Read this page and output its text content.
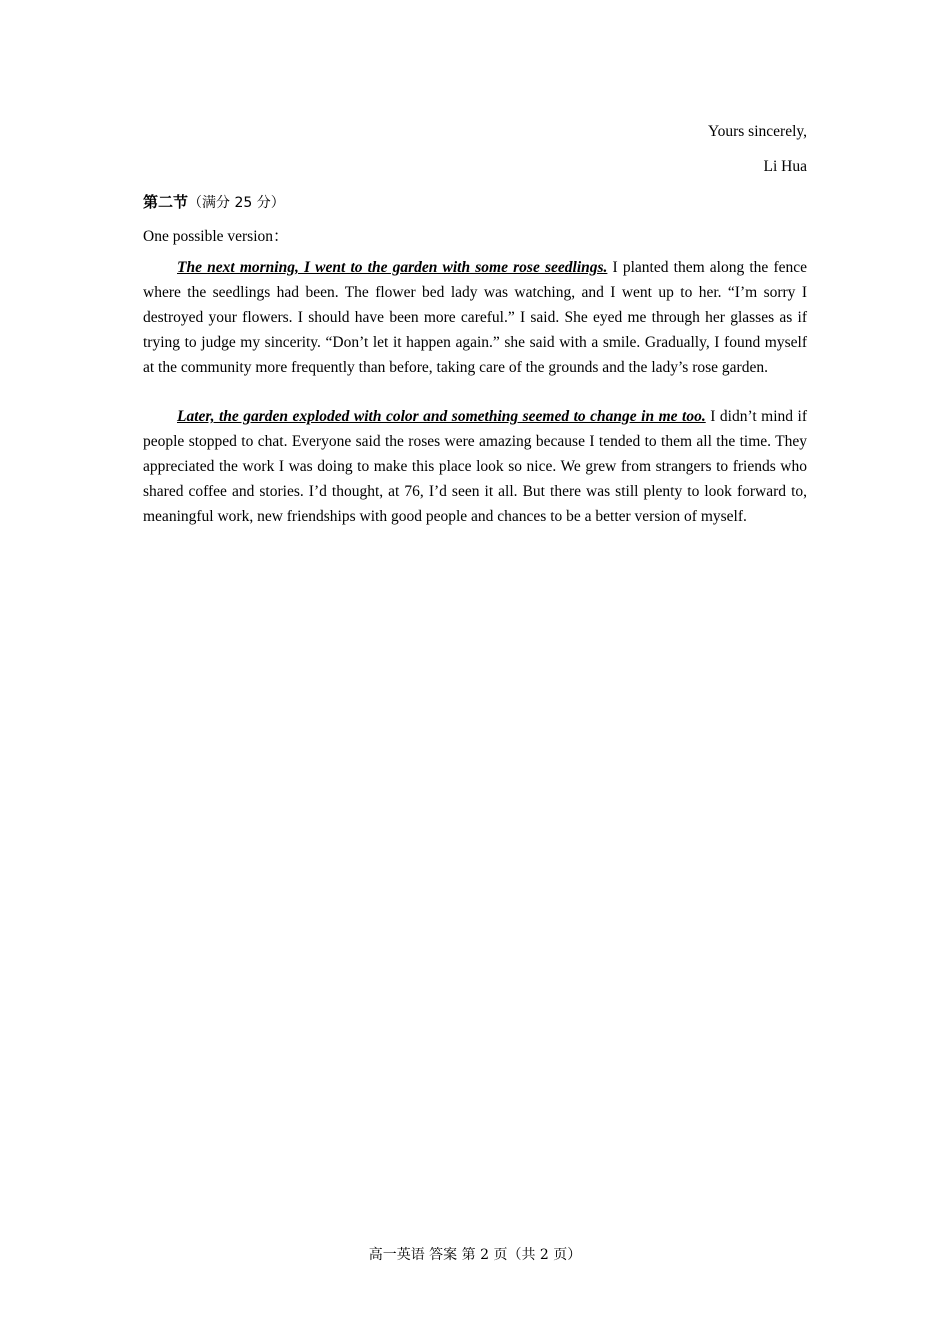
Yours sincerely,
Li Hua
第二节（满分 25 分）
One possible version：

The next morning, I went to the garden with some rose seedlings. I planted them along the fence where the seedlings had been. The flower bed lady was watching, and I went up to her. “I’m sorry I destroyed your flowers. I should have been more careful.” I said. She eyed me through her glasses as if trying to judge my sincerity. “Don’t let it happen again.” she said with a smile. Gradually, I found myself at the community more frequently than before, taking care of the grounds and the lady’s rose garden.

Later, the garden exploded with color and something seemed to change in me too. I didn’t mind if people stopped to chat. Everyone said the roses were amazing because I tended to them all the time. They appreciated the work I was doing to make this place look so nice. We grew from strangers to friends who shared coffee and stories. I’d thought, at 76, I’d seen it all. But there was still plenty to look forward to, meaningful work, new friendships with good people and chances to be a better version of myself.

高一英语 答案 第 2 页（共 2 页）
